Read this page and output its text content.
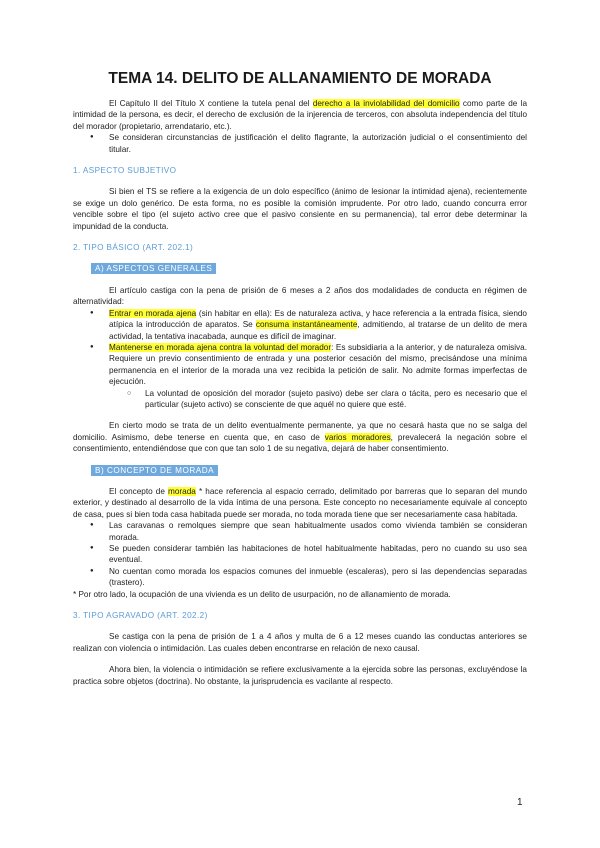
TEMA 14. DELITO DE ALLANAMIENTO DE MORADA

El Capítulo II del Título X contiene la tutela penal del derecho a la inviolabilidad del domicilio como parte de la intimidad de la persona, es decir, el derecho de exclusión de la injerencia de terceros, con absoluta independencia del título del morador (propietario, arrendatario, etc.).

● Se consideran circunstancias de justificación el delito flagrante, la autorización judicial o el consentimiento del titular.

1. ASPECTO SUBJETIVO

Si bien el TS se refiere a la exigencia de un dolo específico (ánimo de lesionar la intimidad ajena), recientemente se exige un dolo genérico. De esta forma, no es posible la comisión imprudente. Por otro lado, cuando concurra error vencible sobre el tipo (el sujeto activo cree que el pasivo consiente en su permanencia), tal error debe determinar la impunidad de la conducta.

2. TIPO BÁSICO (ART. 202.1)

A) ASPECTOS GENERALES

El artículo castiga con la pena de prisión de 6 meses a 2 años dos modalidades de conducta en régimen de alternatividad:

● Entrar en morada ajena (sin habitar en ella): Es de naturaleza activa, y hace referencia a la entrada física, siendo atípica la introducción de aparatos. Se consuma instantáneamente, admitiendo, al tratarse de un delito de mera actividad, la tentativa inacabada, aunque es difícil de imaginar.
● Mantenerse en morada ajena contra la voluntad del morador: Es subsidiaria a la anterior, y de naturaleza omisiva. Requiere un previo consentimiento de entrada y una posterior cesación del mismo, precisándose una mínima permanencia en el interior de la morada una vez recibida la petición de salir. No admite formas imperfectas de ejecución.
○ La voluntad de oposición del morador (sujeto pasivo) debe ser clara o tácita, pero es necesario que el particular (sujeto activo) se consciente de que aquél no quiere que esté.

En cierto modo se trata de un delito eventualmente permanente, ya que no cesará hasta que no se salga del domicilio. Asimismo, debe tenerse en cuenta que, en caso de varios moradores, prevalecerá la negación sobre el consentimiento, entendiéndose que con que tan solo 1 de su negativa, dejará de haber consentimiento.

B) CONCEPTO DE MORADA

El concepto de morada * hace referencia al espacio cerrado, delimitado por barreras que lo separan del mundo exterior, y destinado al desarrollo de la vida íntima de una persona. Este concepto no necesariamente equivale al concepto de casa, pues si bien toda casa habitada puede ser morada, no toda morada tiene que ser necesariamente casa habitada.

● Las caravanas o remolques siempre que sean habitualmente usados como vivienda también se consideran morada.
● Se pueden considerar también las habitaciones de hotel habitualmente habitadas, pero no cuando su uso sea eventual.
● No cuentan como morada los espacios comunes del inmueble (escaleras), pero si las dependencias separadas (trastero).

* Por otro lado, la ocupación de una vivienda es un delito de usurpación, no de allanamiento de morada.

3. TIPO AGRAVADO (ART. 202.2)

Se castiga con la pena de prisión de 1 a 4 años y multa de 6 a 12 meses cuando las conductas anteriores se realizan con violencia o intimidación. Las cuales deben encontrarse en relación de nexo causal.

Ahora bien, la violencia o intimidación se refiere exclusivamente a la ejercida sobre las personas, excluyéndose la practica sobre objetos (doctrina). No obstante, la jurisprudencia es vacilante al respecto.

1
